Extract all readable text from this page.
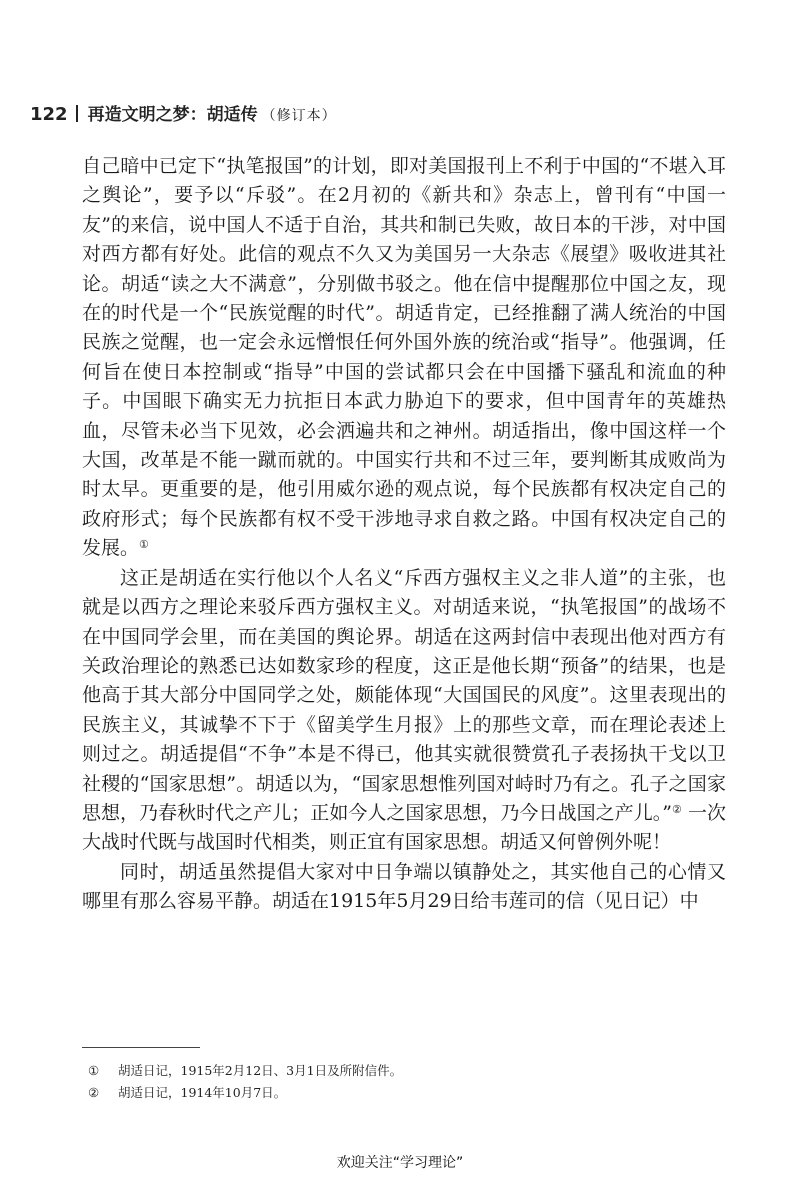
122 再造文明之梦：胡适传 （修订本）

自己暗中已定下“执笔报国”的计划，即对美国报刊上不利于中国的“不堪入耳之舆论”，要予以“斥驳”。在2月初的《新共和》杂志上，曾刊有“中国一友”的来信，说中国人不适于自治，其共和制已失败，故日本的干涉，对中国对西方都有好处。此信的观点不久又为美国另一大杂志《展望》吸收进其社论。胡适“读之大不满意”，分别做书驳之。他在信中提醒那位中国之友，现在的时代是一个“民族觉醒的时代”。胡适肯定，已经推翻了满人统治的中国民族之觉醒，也一定会永远憎恨任何外国外族的统治或“指导”。他强调，任何旨在使日本控制或“指导”中国的尝试都只会在中国播下骚乱和流血的种子。中国眼下确实无力抗拒日本武力胁迫下的要求，但中国青年的英雄热血，尽管未必当下见效，必会洒遍共和之神州。胡适指出，像中国这样一个大国，改革是不能一蹴而就的。中国实行共和不过三年，要判断其成败尚为时太早。更重要的是，他引用威尔逊的观点说，每个民族都有权决定自己的政府形式；每个民族都有权不受干涉地寻求自救之路。中国有权决定自己的发展。①

这正是胡适在实行他以个人名义“斥西方强权主义之非人道”的主张，也就是以西方之理论来驳斥西方强权主义。对胡适来说，“执笔报国”的战场不在中国同学会里，而在美国的舆论界。胡适在这两封信中表现出他对西方有关政治理论的熟悉已达如数家珍的程度，这正是他长期“预备”的结果，也是他高于其大部分中国同学之处，颇能体现“大国国民的风度”。这里表现出的民族主义，其诚挚不下于《留美学生月报》上的那些文章，而在理论表述上则过之。胡适提倡“不争”本是不得已，他其实就很赞赏孔子表扬执干戈以卫社稷的“国家思想”。胡适以为，“国家思想惟列国对峙时乃有之。孔子之国家思想，乃春秋时代之产儿；正如今人之国家思想，乃今日战国之产儿。”② 一次大战时代既与战国时代相类，则正宜有国家思想。胡适又何曾例外呢！

同时，胡适虽然提倡大家对中日争端以镇静处之，其实他自己的心情又哪里有那么容易平静。胡适在1915年5月29日给韦莲司的信（见日记）中

① 胡适日记，1915年2月12日、3月1日及所附信件。
② 胡适日记，1914年10月7日。
欢迎关注“学习理论”
